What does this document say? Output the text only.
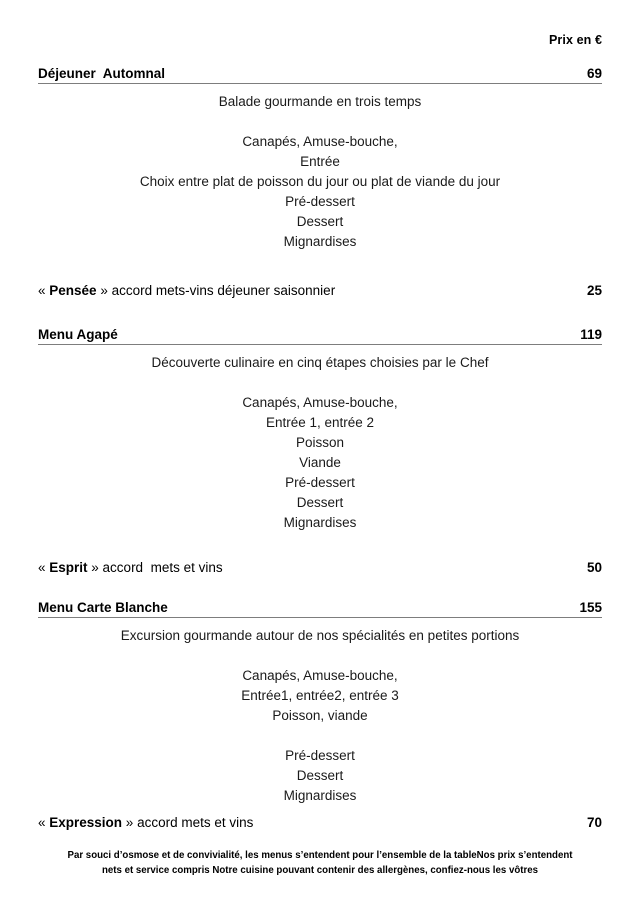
Prix en €
Déjeuner  Automnal	69
Balade gourmande en trois temps
Canapés, Amuse-bouche,
Entrée
Choix entre plat de poisson du jour ou plat de viande du jour
Pré-dessert
Dessert
Mignardises
« Pensée » accord mets-vins déjeuner saisonnier	25
Menu Agapé	119
Découverte culinaire en cinq étapes choisies par le Chef
Canapés, Amuse-bouche,
Entrée 1, entrée 2
Poisson
Viande
Pré-dessert
Dessert
Mignardises
« Esprit » accord  mets et vins	50
Menu Carte Blanche	155
Excursion gourmande autour de nos spécialités en petites portions
Canapés, Amuse-bouche,
Entrée1, entrée2, entrée 3
Poisson, viande
Pré-dessert
Dessert
Mignardises
« Expression » accord mets et vins	70
Par souci d’osmose et de convivialité, les menus s’entendent pour l’ensemble de la tableNos prix s’entendent
nets et service compris Notre cuisine pouvant contenir des allergènes, confiez-nous les vôtres
